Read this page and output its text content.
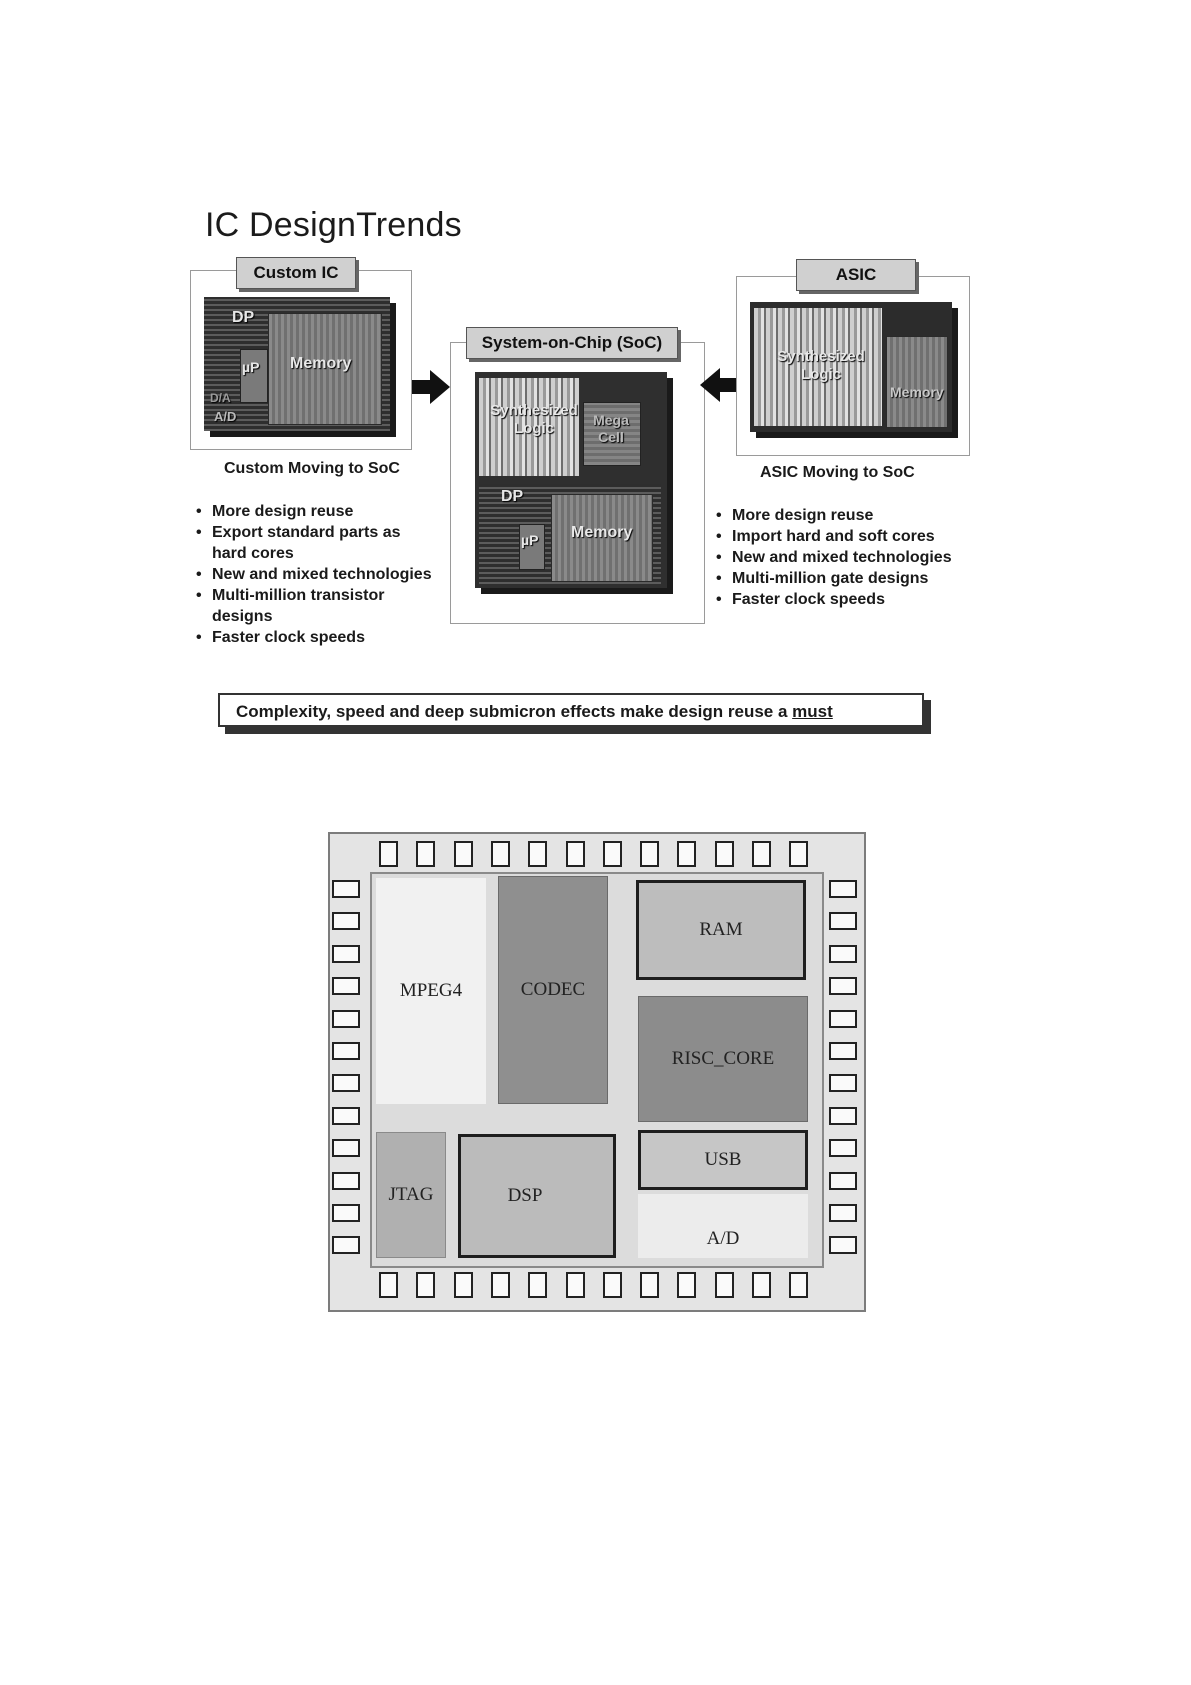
IC DesignTrends
Custom IC
Memory
DP
µP
D/A
A/D
Custom Moving to SoC
• More design reuse
• Export standard parts as hard cores
• New and mixed technologies
• Multi-million transistor designs
• Faster clock speeds
System-on-Chip (SoC)
Synthesized Logic	Mega Cell
Memory
DP
µP
ASIC
Synthesized Logic
Memory
ASIC Moving to SoC
• More design reuse
• Import hard and soft cores
• New and mixed technologies
• Multi-million gate designs
• Faster clock speeds
Complexity, speed and deep submicron effects make design reuse a must
MPEG4	CODEC
RAM
RISC_CORE
USB
A/D
JTAG	DSP
